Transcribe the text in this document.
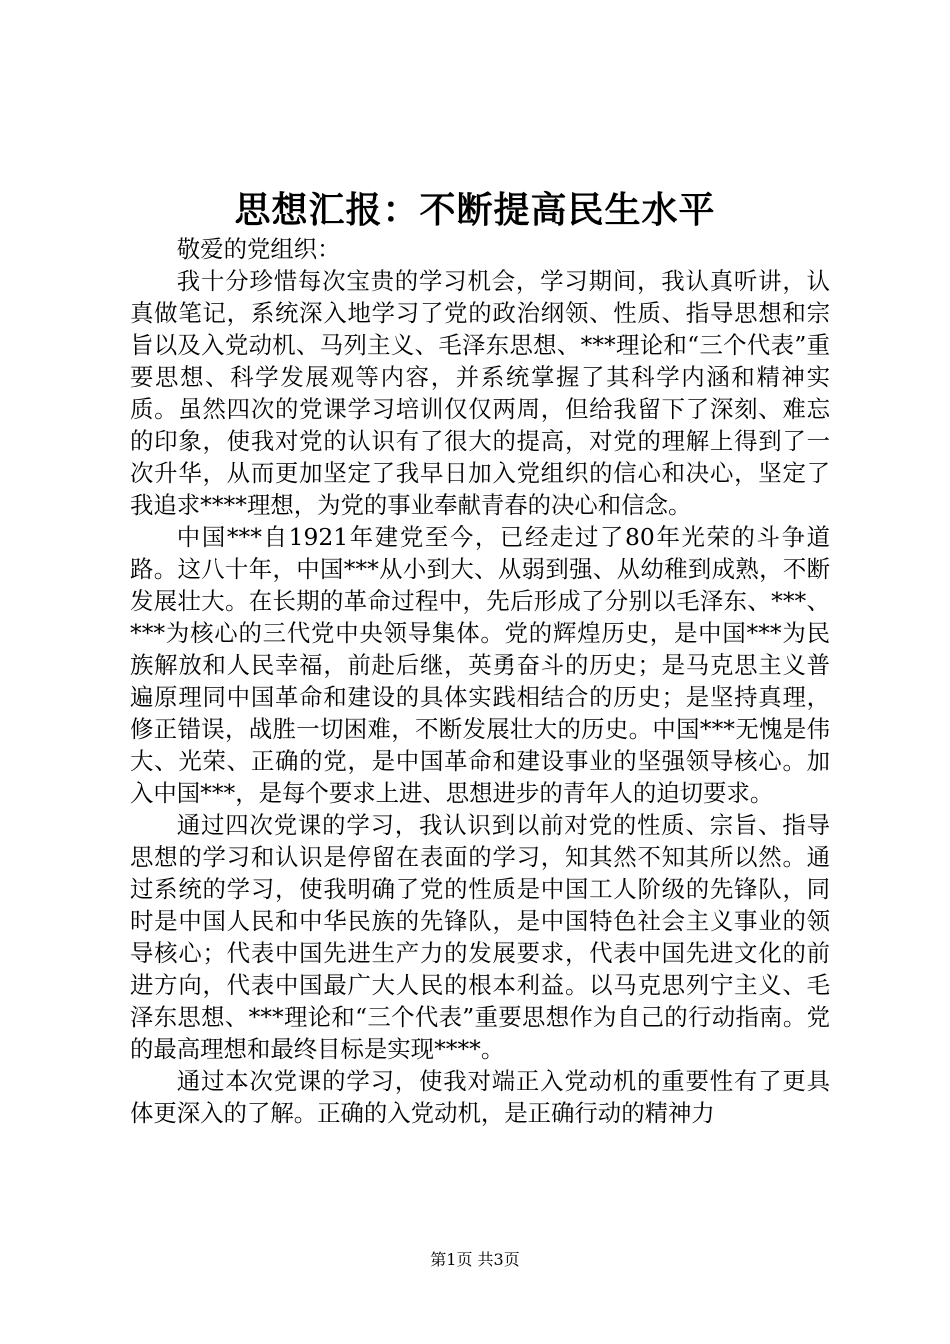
思想汇报：不断提高民生水平

敬爱的党组织：

我十分珍惜每次宝贵的学习机会，学习期间，我认真听讲，认真做笔记，系统深入地学习了党的政治纲领、性质、指导思想和宗旨以及入党动机、马列主义、毛泽东思想、***理论和“三个代表”重要思想、科学发展观等内容，并系统掌握了其科学内涵和精神实质。虽然四次的党课学习培训仅仅两周，但给我留下了深刻、难忘的印象，使我对党的认识有了很大的提高，对党的理解上得到了一次升华，从而更加坚定了我早日加入党组织的信心和决心，坚定了我追求****理想，为党的事业奉献青春的决心和信念。

中国***自1921年建党至今，已经走过了80年光荣的斗争道路。这八十年，中国***从小到大、从弱到强、从幼稚到成熟，不断发展壮大。在长期的革命过程中，先后形成了分别以毛泽东、***、***为核心的三代党中央领导集体。党的辉煌历史，是中国***为民族解放和人民幸福，前赴后继，英勇奋斗的历史；是马克思主义普遍原理同中国革命和建设的具体实践相结合的历史；是坚持真理，修正错误，战胜一切困难，不断发展壮大的历史。中国***无愧是伟大、光荣、正确的党，是中国革命和建设事业的坚强领导核心。加入中国***，是每个要求上进、思想进步的青年人的迫切要求。

通过四次党课的学习，我认识到以前对党的性质、宗旨、指导思想的学习和认识是停留在表面的学习，知其然不知其所以然。通过系统的学习，使我明确了党的性质是中国工人阶级的先锋队，同时是中国人民和中华民族的先锋队，是中国特色社会主义事业的领导核心；代表中国先进生产力的发展要求，代表中国先进文化的前进方向，代表中国最广大人民的根本利益。以马克思列宁主义、毛泽东思想、***理论和“三个代表”重要思想作为自己的行动指南。党的最高理想和最终目标是实现****。

通过本次党课的学习，使我对端正入党动机的重要性有了更具体更深入的了解。正确的入党动机，是正确行动的精神力

第1页 共3页
